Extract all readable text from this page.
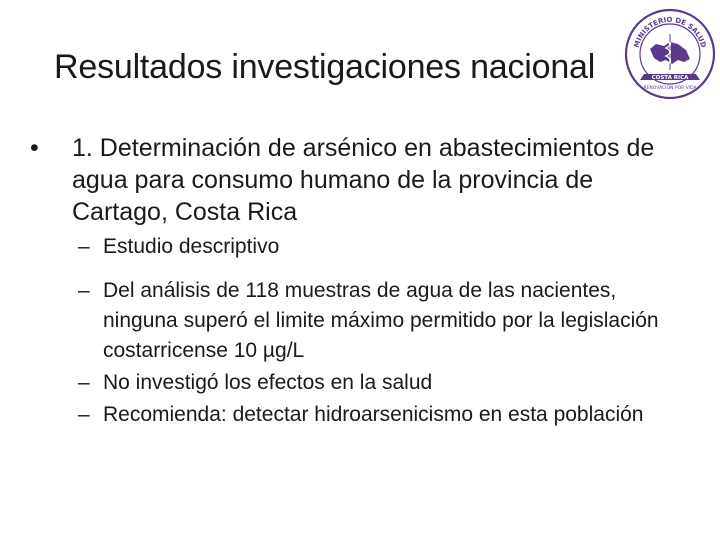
Resultados investigaciones nacional
MINISTERIO DE SALUD
COSTA RICA
RENOVACION POR VIDA
• 1. Determinación de arsénico en abastecimientos de agua para consumo humano de la provincia de Cartago, Costa Rica
– Estudio descriptivo
– Del análisis de 118 muestras de agua de las nacientes, ninguna superó el limite máximo permitido por la legislación costarricense 10 µg/L
– No investigó los efectos en la salud
– Recomienda: detectar hidroarsenicismo en esta población
